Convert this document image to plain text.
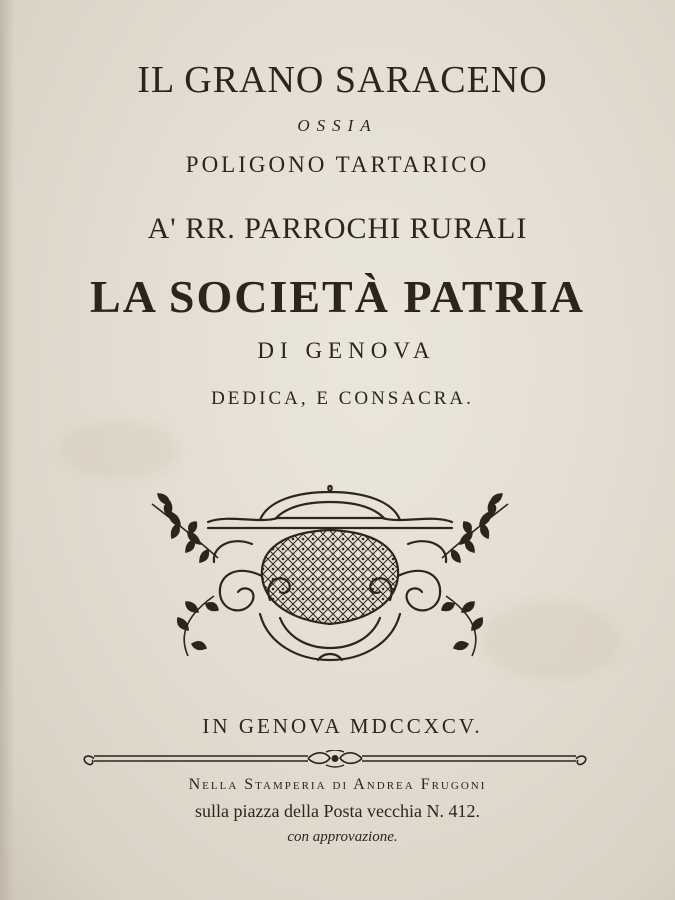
IL GRANO SARACENO
OSSIA
POLIGONO TARTARICO
A' RR. PARROCHI RURALI
LA SOCIETÀ PATRIA
DI GENOVA
DEDICA, E CONSACRA.
IN GENOVA MDCCXCV.
Nella Stamperia di Andrea Frugoni
sulla piazza della Posta vecchia N. 412.
con approvazione.
